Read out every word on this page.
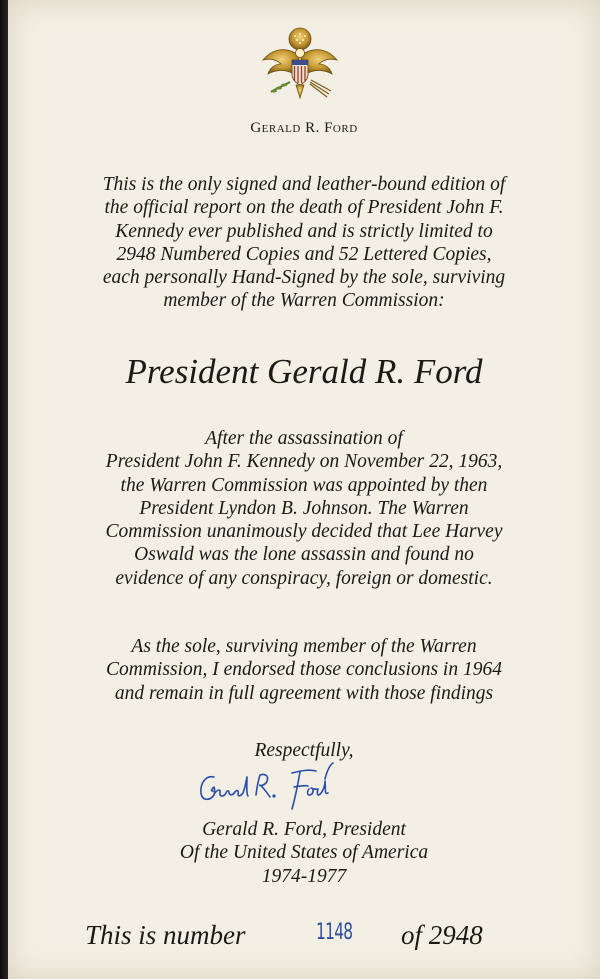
Gerald R. Ford
This is the only signed and leather-bound edition of
the official report on the death of President John F.
Kennedy ever published and is strictly limited to
2948 Numbered Copies and 52 Lettered Copies,
each personally Hand-Signed by the sole, surviving
member of the Warren Commission:
President Gerald R. Ford
After the assassination of
President John F. Kennedy on November 22, 1963,
the Warren Commission was appointed by then
President Lyndon B. Johnson. The Warren
Commission unanimously decided that Lee Harvey
Oswald was the lone assassin and found no
evidence of any conspiracy, foreign or domestic.
As the sole, surviving member of the Warren
Commission, I endorsed those conclusions in 1964
and remain in full agreement with those findings
Respectfully,
Gerald R. Ford, President
Of the United States of America
1974-1977
This is number	1148 of 2948
